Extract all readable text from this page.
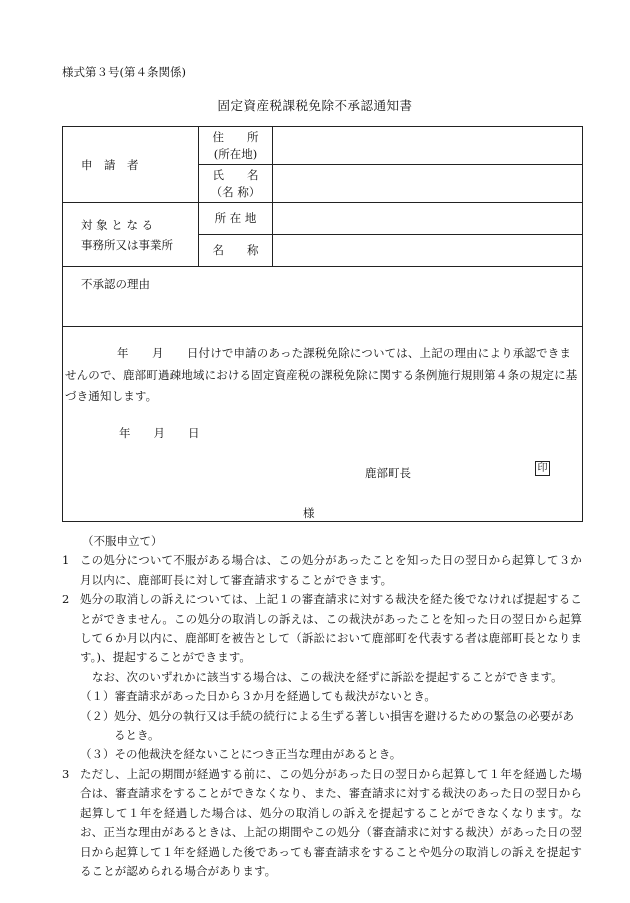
様式第３号(第４条関係)
固定資産税課税免除不承認通知書
申　請　者	住　　所
(所在地)	

	氏　　名
（名 称）	

対 象 と な る
事務所又は事業所	所 在 地	
	名　　称	
不承認の理由		

年　　月　　日付けで申請のあった課税免除については、上記の理由により承認できませんので、鹿部町過疎地域における固定資産税の課税免除に関する条例施行規則第４条の規定に基づき通知します。
年　　月　　日
鹿部町長 印
様		
（不服申立て）
1 この処分について不服がある場合は、この処分があったことを知った日の翌日から起算して３か月以内に、鹿部町長に対して審査請求することができます。
2 処分の取消しの訴えについては、上記１の審査請求に対する裁決を経た後でなければ提起することができません。この処分の取消しの訴えは、この裁決があったことを知った日の翌日から起算して６か月以内に、鹿部町を被告として（訴訟において鹿部町を代表する者は鹿部町長となります。)、提起することができます。
なお、次のいずれかに該当する場合は、この裁決を経ずに訴訟を提起することができます。
（１）審査請求があった日から３か月を経過しても裁決がないとき。
（２） 処分、処分の執行又は手続の続行による生ずる著しい損害を避けるための緊急の必要があるとき。
（３）その他裁決を経ないことにつき正当な理由があるとき。
3 ただし、上記の期間が経過する前に、この処分があった日の翌日から起算して１年を経過した場合は、審査請求をすることができなくなり、また、審査請求に対する裁決のあった日の翌日から起算して１年を経過した場合は、処分の取消しの訴えを提起することができなくなります。なお、正当な理由があるときは、上記の期間やこの処分（審査請求に対する裁決）があった日の翌日から起算して１年を経過した後であっても審査請求をすることや処分の取消しの訴えを提起することが認められる場合があります。
